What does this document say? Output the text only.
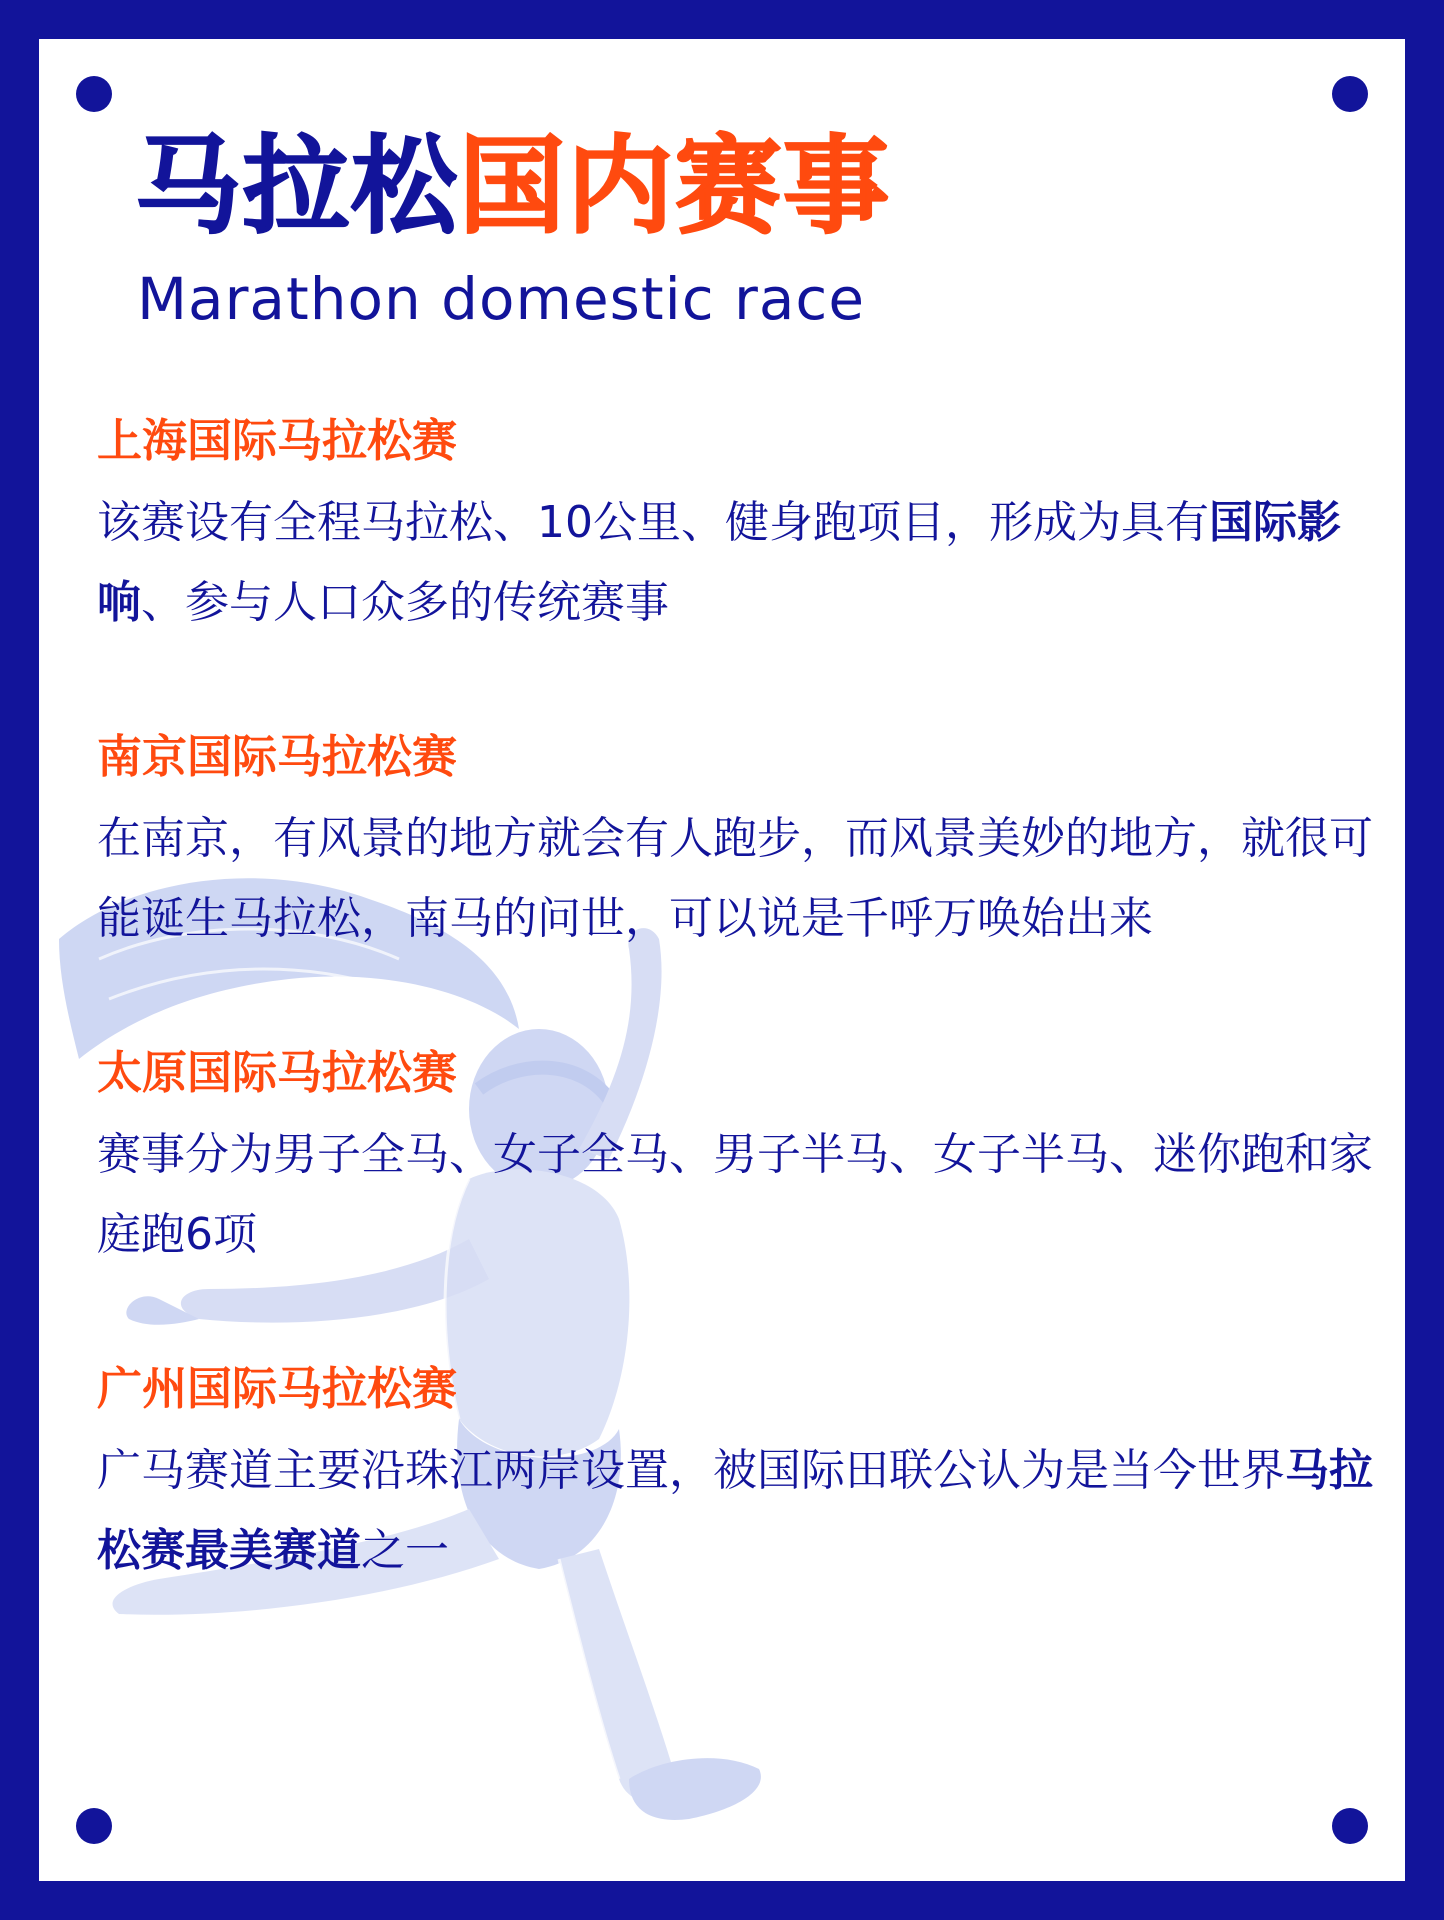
马拉松国内赛事
Marathon domestic race
上海国际马拉松赛

该赛设有全程马拉松、10公里、健身跑项目，形成为具有国际影响、参与人口众多的传统赛事

南京国际马拉松赛

在南京，有风景的地方就会有人跑步，而风景美妙的地方，就很可能诞生马拉松，南马的问世，可以说是千呼万唤始出来

太原国际马拉松赛

赛事分为男子全马、女子全马、男子半马、女子半马、迷你跑和家庭跑6项

广州国际马拉松赛

广马赛道主要沿珠江两岸设置，被国际田联公认为是当今世界马拉松赛最美赛道之一
